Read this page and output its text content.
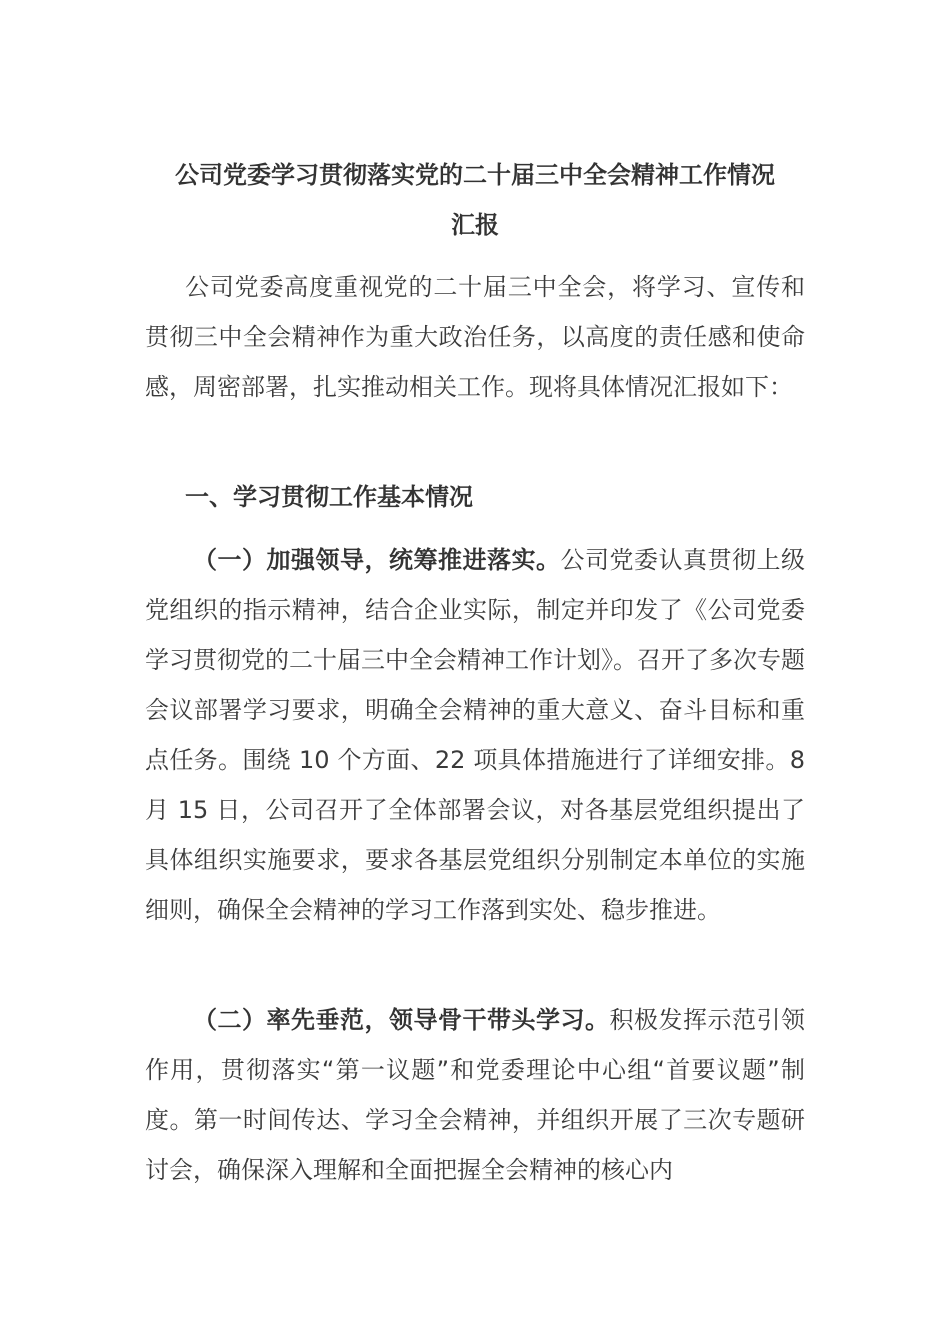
公司党委学习贯彻落实党的二十届三中全会精神工作情况
汇报
公司党委高度重视党的二十届三中全会，将学习、宣传和贯彻三中全会精神作为重大政治任务，以高度的责任感和使命感，周密部署，扎实推动相关工作。现将具体情况汇报如下：
一、学习贯彻工作基本情况
（一）加强领导，统筹推进落实。公司党委认真贯彻上级党组织的指示精神，结合企业实际，制定并印发了《公司党委学习贯彻党的二十届三中全会精神工作计划》。召开了多次专题会议部署学习要求，明确全会精神的重大意义、奋斗目标和重点任务。围绕 10 个方面、22 项具体措施进行了详细安排。8 月 15 日，公司召开了全体部署会议，对各基层党组织提出了具体组织实施要求，要求各基层党组织分别制定本单位的实施细则，确保全会精神的学习工作落到实处、稳步推进。
（二）率先垂范，领导骨干带头学习。积极发挥示范引领作用，贯彻落实“第一议题”和党委理论中心组“首要议题”制度。第一时间传达、学习全会精神，并组织开展了三次专题研讨会，确保深入理解和全面把握全会精神的核心内
